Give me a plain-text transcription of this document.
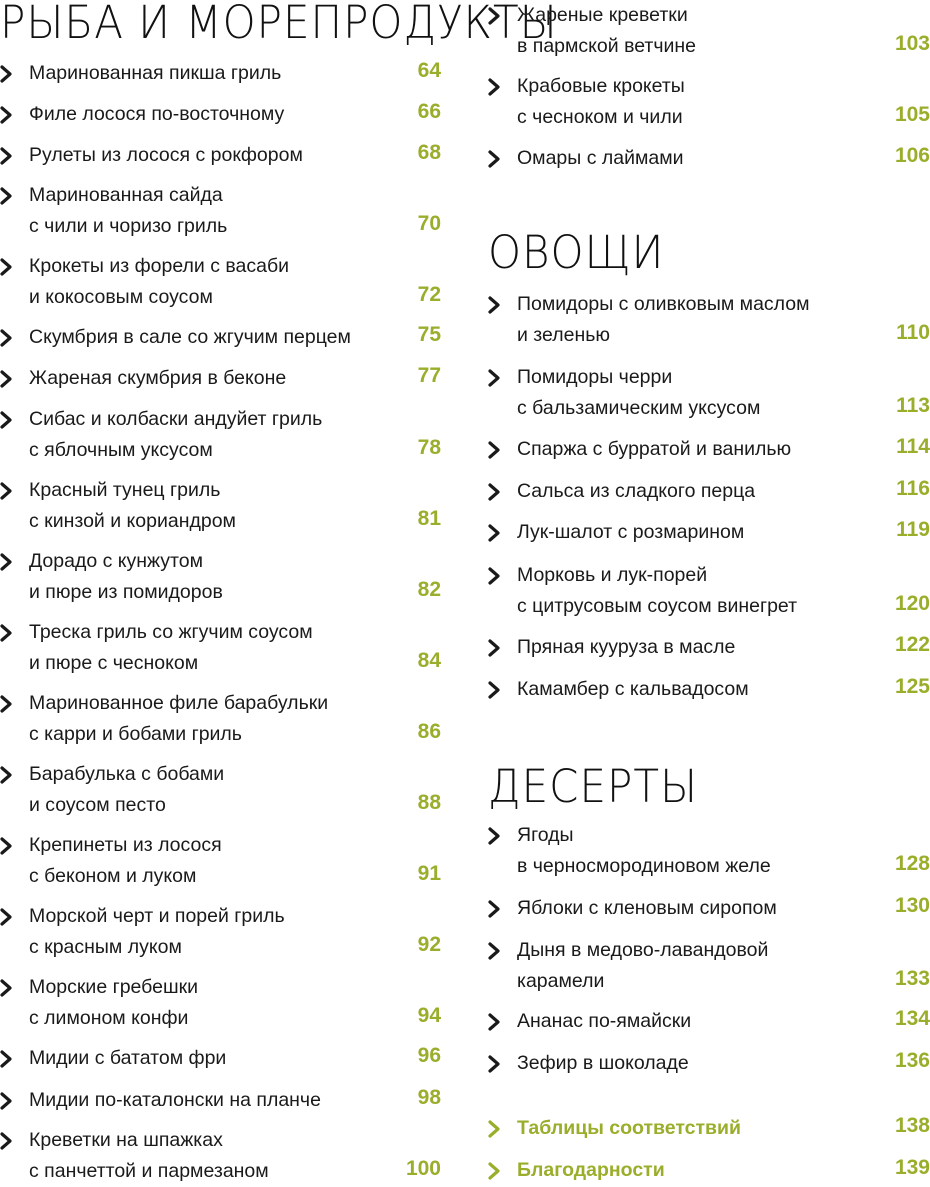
РЫБА И МОРЕПРОДУКТЫ
Маринованная пикша гриль	64
Филе лосося по-восточному	66
Рулеты из лосося с рокфором	68
Маринованная сайда
с чили и чоризо гриль	70
Крокеты из форели с васаби
и кокосовым соусом	72
Скумбрия в сале со жгучим перцем	75
Жареная скумбрия в беконе	77
Сибас и колбаски андуйет гриль
с яблочным уксусом	78
Красный тунец гриль
с кинзой и кориандром	81
Дорадо с кунжутом
и пюре из помидоров	82
Треска гриль со жгучим соусом
и пюре с чесноком	84
Маринованное филе барабульки
с карри и бобами гриль	86
Барабулька с бобами
и соусом песто	88
Крепинеты из лосося
с беконом и луком	91
Морской черт и порей гриль
с красным луком	92
Морские гребешки
с лимоном конфи	94
Мидии с бататом фри	96
Мидии по-каталонски на планче	98
Креветки на шпажках
с панчеттой и пармезаном	100
Жареные креветки
в пармской ветчине	103
Крабовые крокеты
с чесноком и чили	105
Омары с лаймами	106
ОВОЩИ
Помидоры с оливковым маслом
и зеленью	110
Помидоры черри
с бальзамическим уксусом	113
Спаржа с бурратой и ванилью	114
Сальса из сладкого перца	116
Лук-шалот с розмарином	119
Морковь и лук-порей
с цитрусовым соусом винегрет	120
Пряная кууруза в масле	122
Камамбер с кальвадосом	125
ДЕСЕРТЫ
Ягоды
в черносмородиновом желе	128
Яблоки с кленовым сиропом	130
Дыня в медово-лавандовой
карамели	133
Ананас по-ямайски	134
Зефир в шоколаде	136
Таблицы соответствий	138
Благодарности	139
